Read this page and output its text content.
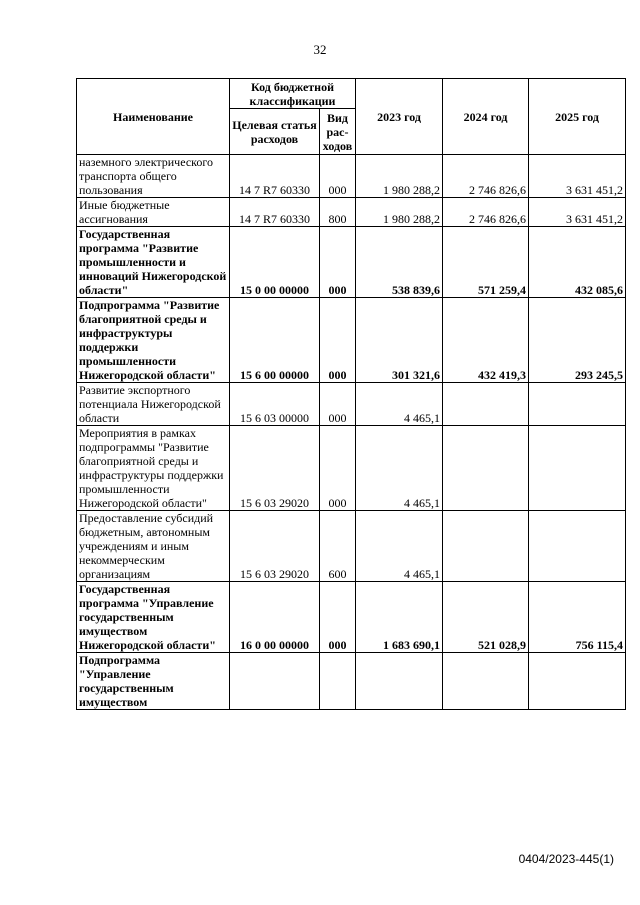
32
Наименование	Код бюджетной классификации		2023 год	2024 год	2025 год
	Целевая статья расходов	Вид рас-ходов			
наземного электрического транспорта общего пользования	14 7 R7 60330	000	1 980 288,2	2 746 826,6	3 631 451,2
Иные бюджетные ассигнования	14 7 R7 60330	800	1 980 288,2	2 746 826,6	3 631 451,2
Государственная программа "Развитие промышленности и инноваций Нижегородской области"	15 0 00 00000	000	538 839,6	571 259,4	432 085,6
Подпрограмма "Развитие благоприятной среды и инфраструктуры поддержки промышленности Нижегородской области"	15 6 00 00000	000	301 321,6	432 419,3	293 245,5
Развитие экспортного потенциала Нижегородской области	15 6 03 00000	000	4 465,1		
Мероприятия в рамках подпрограммы "Развитие благоприятной среды и инфраструктуры поддержки промышленности Нижегородской области"	15 6 03 29020	000	4 465,1		
Предоставление субсидий бюджетным, автономным учреждениям и иным некоммерческим организациям	15 6 03 29020	600	4 465,1		
Государственная программа "Управление государственным имуществом Нижегородской области"	16 0 00 00000	000	1 683 690,1	521 028,9	756 115,4
Подпрограмма "Управление государственным имуществом					
0404/2023-445(1)
